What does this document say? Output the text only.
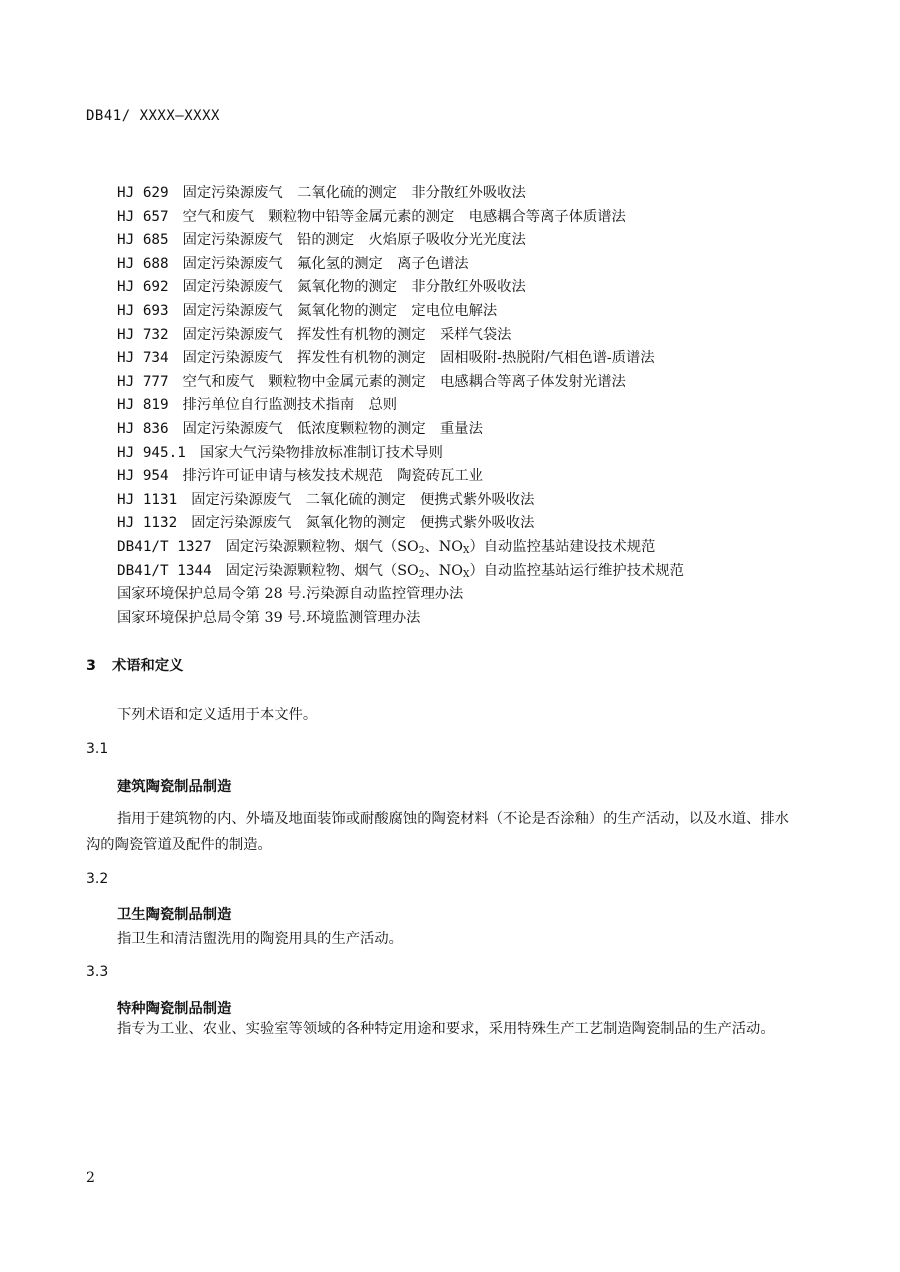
DB41/ XXXX—XXXX
HJ 629 固定污染源废气　二氧化硫的测定　非分散红外吸收法
HJ 657 空气和废气　颗粒物中铅等金属元素的测定　电感耦合等离子体质谱法
HJ 685 固定污染源废气　铅的测定　火焰原子吸收分光光度法
HJ 688 固定污染源废气　氟化氢的测定　离子色谱法
HJ 692 固定污染源废气　氮氧化物的测定　非分散红外吸收法
HJ 693 固定污染源废气　氮氧化物的测定　定电位电解法
HJ 732 固定污染源废气　挥发性有机物的测定　采样气袋法
HJ 734 固定污染源废气　挥发性有机物的测定　固相吸附-热脱附/气相色谱-质谱法
HJ 777 空气和废气　颗粒物中金属元素的测定　电感耦合等离子体发射光谱法
HJ 819 排污单位自行监测技术指南　总则
HJ 836 固定污染源废气　低浓度颗粒物的测定　重量法
HJ 945.1 国家大气污染物排放标准制订技术导则
HJ 954 排污许可证申请与核发技术规范　陶瓷砖瓦工业
HJ 1131 固定污染源废气　二氧化硫的测定　便携式紫外吸收法
HJ 1132 固定污染源废气　氮氧化物的测定　便携式紫外吸收法
DB41/T 1327 固定污染源颗粒物、烟气（$SO_2$、$NO_X$）自动监控基站建设技术规范
DB41/T 1344 固定污染源颗粒物、烟气（$SO_2$、$NO_X$）自动监控基站运行维护技术规范
国家环境保护总局令第 28 号.污染源自动监控管理办法
国家环境保护总局令第 39 号.环境监测管理办法
3 术语和定义
下列术语和定义适用于本文件。
3.1
建筑陶瓷制品制造
指用于建筑物的内、外墙及地面装饰或耐酸腐蚀的陶瓷材料（不论是否涂釉）的生产活动，以及水道、排水沟的陶瓷管道及配件的制造。
3.2
卫生陶瓷制品制造
指卫生和清洁盥洗用的陶瓷用具的生产活动。
3.3
特种陶瓷制品制造
指专为工业、农业、实验室等领域的各种特定用途和要求，采用特殊生产工艺制造陶瓷制品的生产活动。
2
